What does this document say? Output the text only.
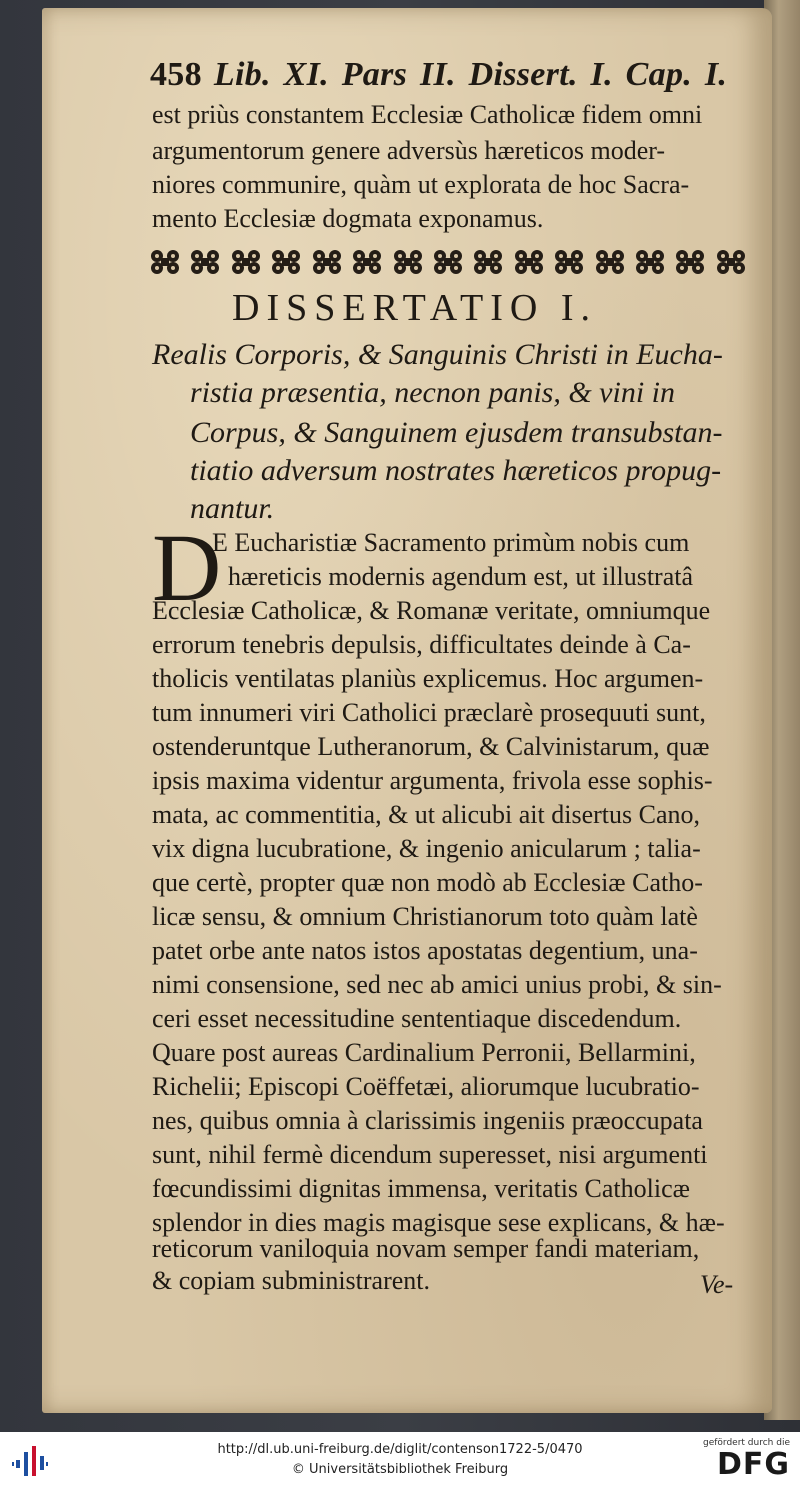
458 Lib. XI. Pars II. Dissert. I. Cap. I.
est priùs constantem Ecclesiæ Catholicæ fidem omni
argumentorum genere adversùs hæreticos moder-
niores communire, quàm ut explorata de hoc Sacra-
mento Ecclesiæ dogmata exponamus.
DISSERTATIO I.
Realis Corporis, & Sanguinis Christi in Eucha-
ristia præsentia, necnon panis, & vini in
Corpus, & Sanguinem ejusdem transubstan-
tiatio adversum nostrates hæreticos propug-
nantur.
D
E Eucharistiæ Sacramento primùm nobis cum
hæreticis modernis agendum est, ut illustratâ
Ecclesiæ Catholicæ, & Romanæ veritate, omniumque
errorum tenebris depulsis, difficultates deinde à Ca-
tholicis ventilatas planiùs explicemus. Hoc argumen-
tum innumeri viri Catholici præclarè prosequuti sunt,
ostenderuntque Lutheranorum, & Calvinistarum, quæ
ipsis maxima videntur argumenta, frivola esse sophis-
mata, ac commentitia, & ut alicubi ait disertus Cano,
vix digna lucubratione, & ingenio anicularum ; talia-
que certè, propter quæ non modò ab Ecclesiæ Catho-
licæ sensu, & omnium Christianorum toto quàm latè
patet orbe ante natos istos apostatas degentium, una-
nimi consensione, sed nec ab amici unius probi, & sin-
ceri esset necessitudine sententiaque discedendum.
Quare post aureas Cardinalium Perronii, Bellarmini,
Richelii; Episcopi Coëffetæi, aliorumque lucubratio-
nes, quibus omnia à clarissimis ingeniis præoccupata
sunt, nihil fermè dicendum superesset, nisi argumenti
fœcundissimi dignitas immensa, veritatis Catholicæ
splendor in dies magis magisque sese explicans, & hæ-
reticorum vaniloquia novam semper fandi materiam,
& copiam subministrarent.	Ve-
http://dl.ub.uni-freiburg.de/diglit/contenson1722-5/0470
© Universitätsbibliothek Freiburg
gefördert durch die
DFG
